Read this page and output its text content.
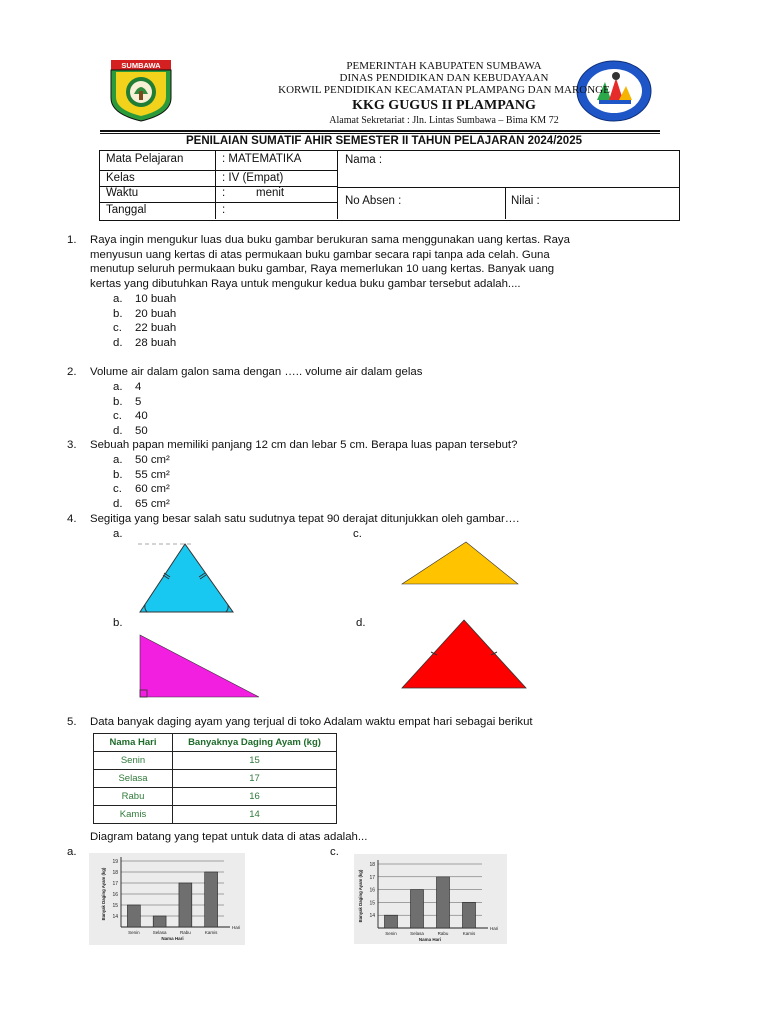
SUMBAWA	PEMERINTAH KABUPATEN SUMBAWA
DINAS PENDIDIKAN DAN KEBUDAYAAN
KORWIL PENDIDIKAN KECAMATAN PLAMPANG DAN MARONGE
KKG GUGUS II PLAMPANG
Alamat Sekretariat : Jln. Lintas Sumbawa – Bima KM 72
PENILAIAN SUMATIF AHIR SEMESTER II TAHUN PELAJARAN 2024/2025
Mata Pelajaran	: MATEMATIKA
Kelas	: IV (Empat)
Waktu	:	menit
Tanggal	:
Nama :
No Absen :	Nilai :
1. Raya ingin mengukur luas dua buku gambar berukuran sama menggunakan uang kertas. Raya
menyusun uang kertas di atas permukaan buku gambar secara rapi tanpa ada celah. Guna
menutup seluruh permukaan buku gambar, Raya memerlukan 10 uang kertas. Banyak uang
kertas yang dibutuhkan Raya untuk mengukur kedua buku gambar tersebut adalah....
a. 10 buah
b. 20 buah
c. 22 buah
d. 28 buah
2. Volume air dalam galon sama dengan ….. volume air dalam gelas
a. 4
b. 5
c. 40
d. 50
3. Sebuah papan memiliki panjang 12 cm dan lebar 5 cm. Berapa luas papan tersebut?
a. 50 cm²
b. 55 cm²
c. 60 cm²
d. 65 cm²
4. Segitiga yang besar salah satu sudutnya tepat 90 derajat ditunjukkan oleh gambar….
a.	c.
b.	d.
5. Data banyak daging ayam yang terjual di toko Adalam waktu empat hari sebagai berikut
Nama Hari	Banyaknya Daging Ayam (kg)
Senin	15
Selasa	17
Rabu	16
Kamis	14
Diagram batang yang tepat untuk data di atas adalah...
a.	c.
14
15
16
17
18
19
Senin	Selasa	Rabu	Kamis
Hari
Nama Hari
Banyak Daging Ayam (kg)	14
15
16
17
18
Senin	Selasa	Rabu	Kamis
Hari
Nama Hari
Banyak Daging Ayam (kg)
